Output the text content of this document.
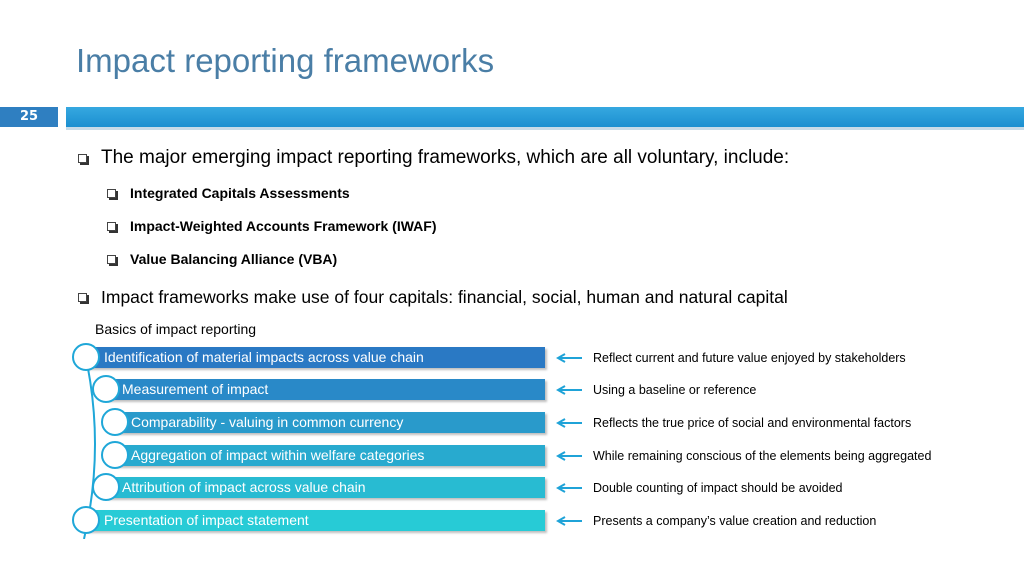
Impact reporting frameworks
25
The major emerging impact reporting frameworks, which are all voluntary, include:
Integrated Capitals Assessments
Impact-Weighted Accounts Framework (IWAF)
Value Balancing Alliance (VBA)
Impact frameworks make use of four capitals: financial, social, human and natural capital
Basics of impact reporting
Identification of material impacts across value chain
Measurement of impact
Comparability - valuing in common currency
Aggregation of impact within welfare categories
Attribution of impact across value chain
Presentation of impact statement
Reflect current and future value enjoyed by stakeholders
Using a baseline or reference
Reflects the true price of social and environmental factors
While remaining conscious of the elements being aggregated
Double counting of impact should be avoided
Presents a company’s value creation and reduction
